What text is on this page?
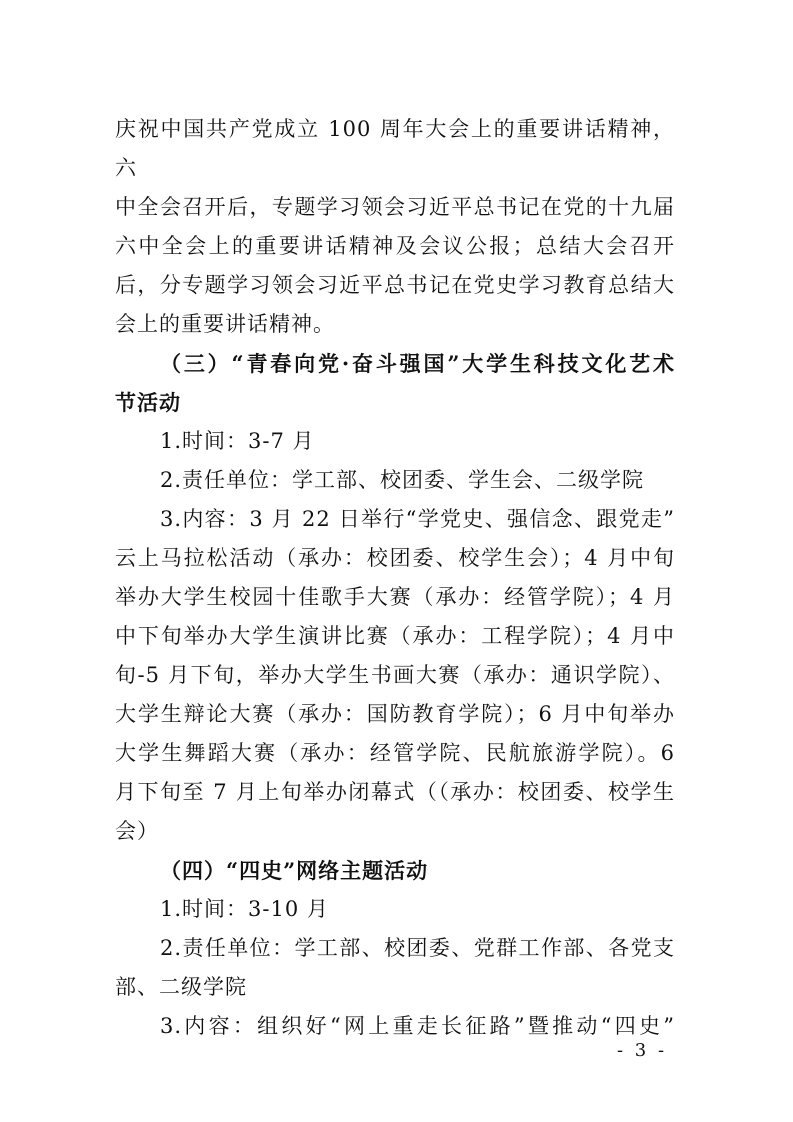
庆祝中国共产党成立 100 周年大会上的重要讲话精神，六

中全会召开后，专题学习领会习近平总书记在党的十九届

六中全会上的重要讲话精神及会议公报；总结大会召开

后，分专题学习领会习近平总书记在党史学习教育总结大

会上的重要讲话精神。

（三）“青春向党·奋斗强国”大学生科技文化艺术

节活动

1.时间：3-7 月

2.责任单位：学工部、校团委、学生会、二级学院

3.内容：3 月 22 日举行“学党史、强信念、跟党走”

云上马拉松活动（承办：校团委、校学生会）；4 月中旬

举办大学生校园十佳歌手大赛（承办：经管学院）；4 月

中下旬举办大学生演讲比赛（承办：工程学院）；4 月中

旬-5 月下旬，举办大学生书画大赛（承办：通识学院）、

大学生辩论大赛（承办：国防教育学院）；6 月中旬举办

大学生舞蹈大赛（承办：经管学院、民航旅游学院）。6

月下旬至 7 月上旬举办闭幕式（（承办：校团委、校学生

会）

（四）“四史”网络主题活动

1.时间：3-10 月

2.责任单位：学工部、校团委、党群工作部、各党支

部、二级学院

3.内容：组织好“网上重走长征路”暨推动“四史”

- 3 -
